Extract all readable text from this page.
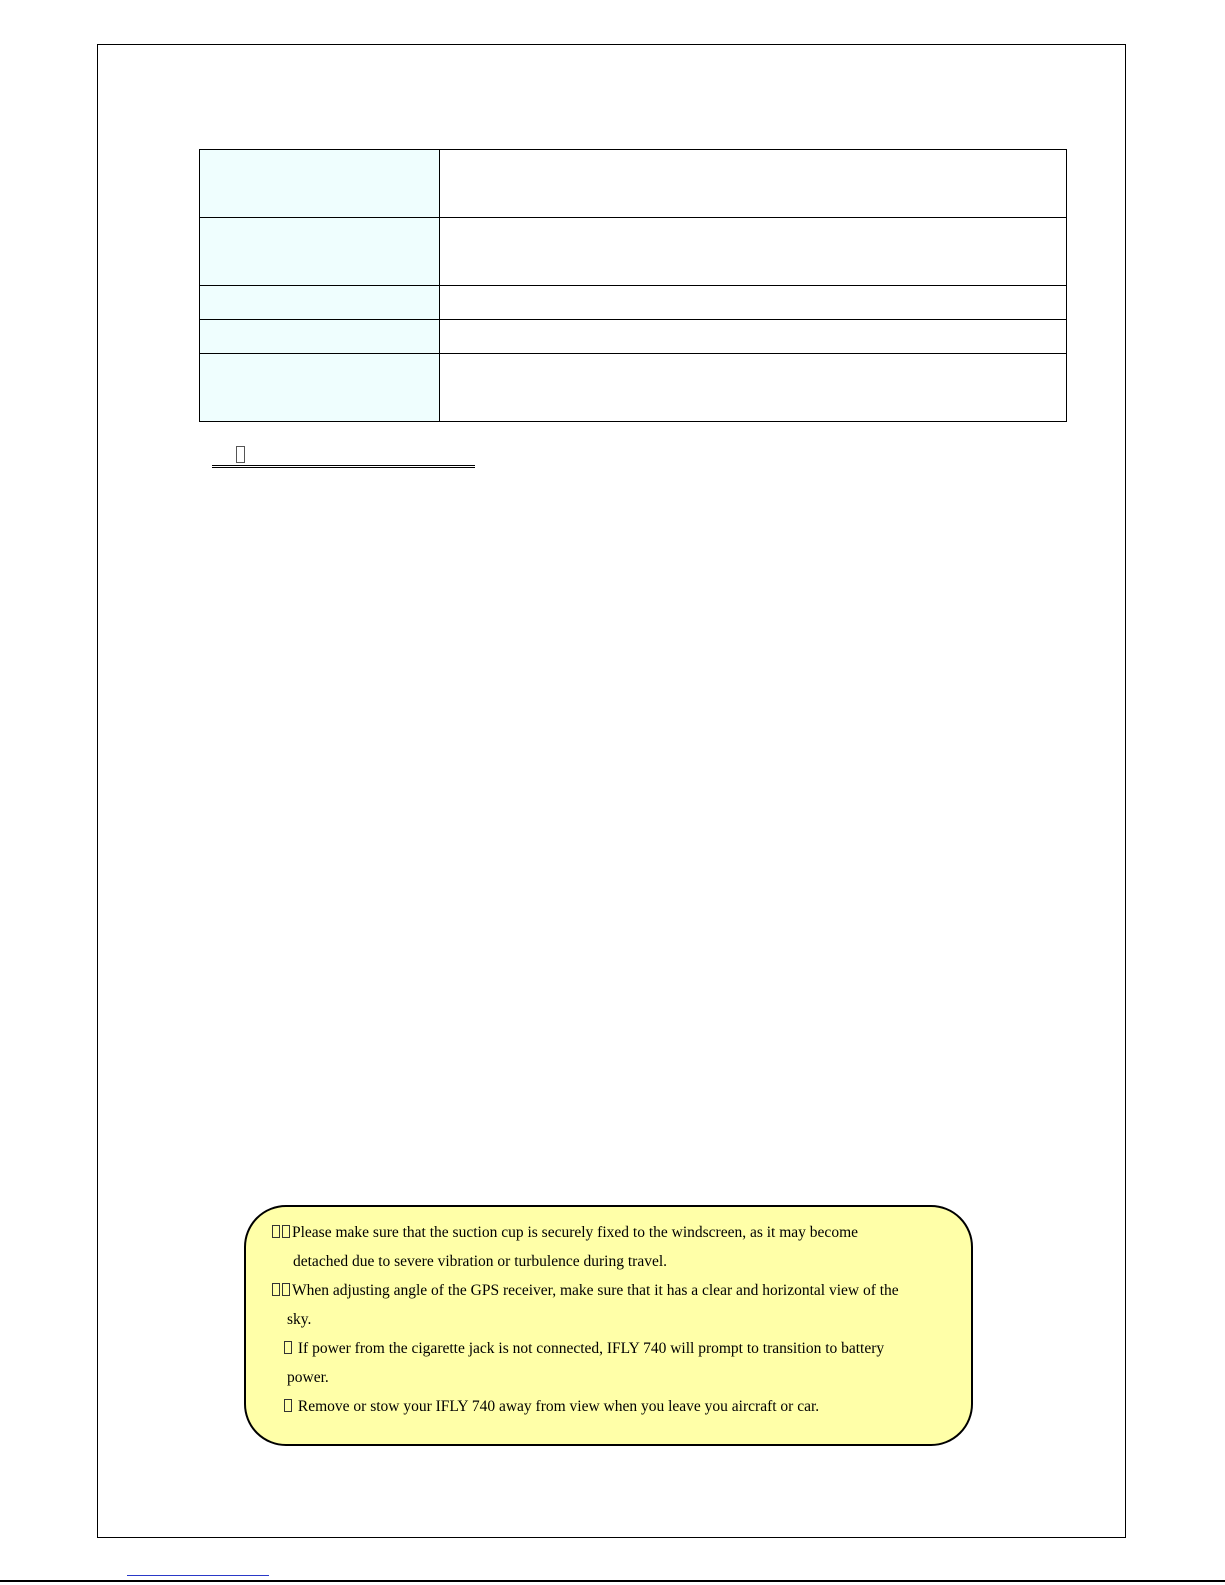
Please make sure that the suction cup is securely fixed to the windscreen, as it may become
detached due to severe vibration or turbulence during travel.
When adjusting angle of the GPS receiver, make sure that it has a clear and horizontal view of the
sky.
If power from the cigarette jack is not connected, IFLY 740 will prompt to transition to battery
power.
Remove or stow your IFLY 740 away from view when you leave you aircraft or car.
